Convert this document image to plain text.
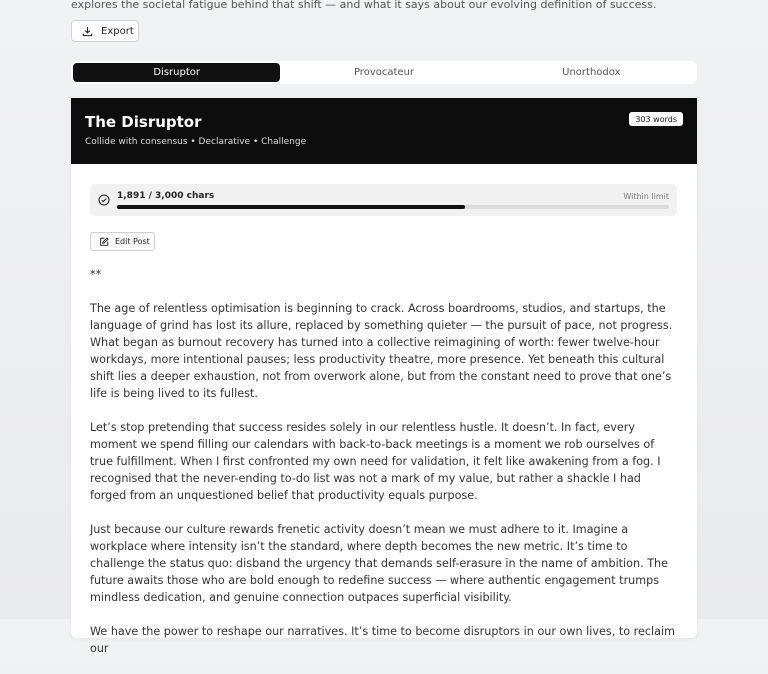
explores the societal fatigue behind that shift — and what it says about our evolving definition of success.
Export
Disruptor	Provocateur	Unorthodox
The Disruptor
Collide with consensus • Declarative • Challenge
303 words
1,891 / 3,000 chars	Within limit
Edit Post

**

The age of relentless optimisation is beginning to crack. Across boardrooms, studios, and startups, the language of grind has lost its allure, replaced by something quieter — the pursuit of pace, not progress. What began as burnout recovery has turned into a collective reimagining of worth: fewer twelve-hour workdays, more intentional pauses; less productivity theatre, more presence. Yet beneath this cultural shift lies a deeper exhaustion, not from overwork alone, but from the constant need to prove that one’s life is being lived to its fullest.

Let’s stop pretending that success resides solely in our relentless hustle. It doesn’t. In fact, every moment we spend filling our calendars with back-to-back meetings is a moment we rob ourselves of true fulfillment. When I first confronted my own need for validation, it felt like awakening from a fog. I recognised that the never-ending to-do list was not a mark of my value, but rather a shackle I had forged from an unquestioned belief that productivity equals purpose.

Just because our culture rewards frenetic activity doesn’t mean we must adhere to it. Imagine a workplace where intensity isn’t the standard, where depth becomes the new metric. It’s time to challenge the status quo: disband the urgency that demands self-erasure in the name of ambition. The future awaits those who are bold enough to redefine success — where authentic engagement trumps mindless dedication, and genuine connection outpaces superficial visibility.

We have the power to reshape our narratives. It’s time to become disruptors in our own lives, to reclaim our
